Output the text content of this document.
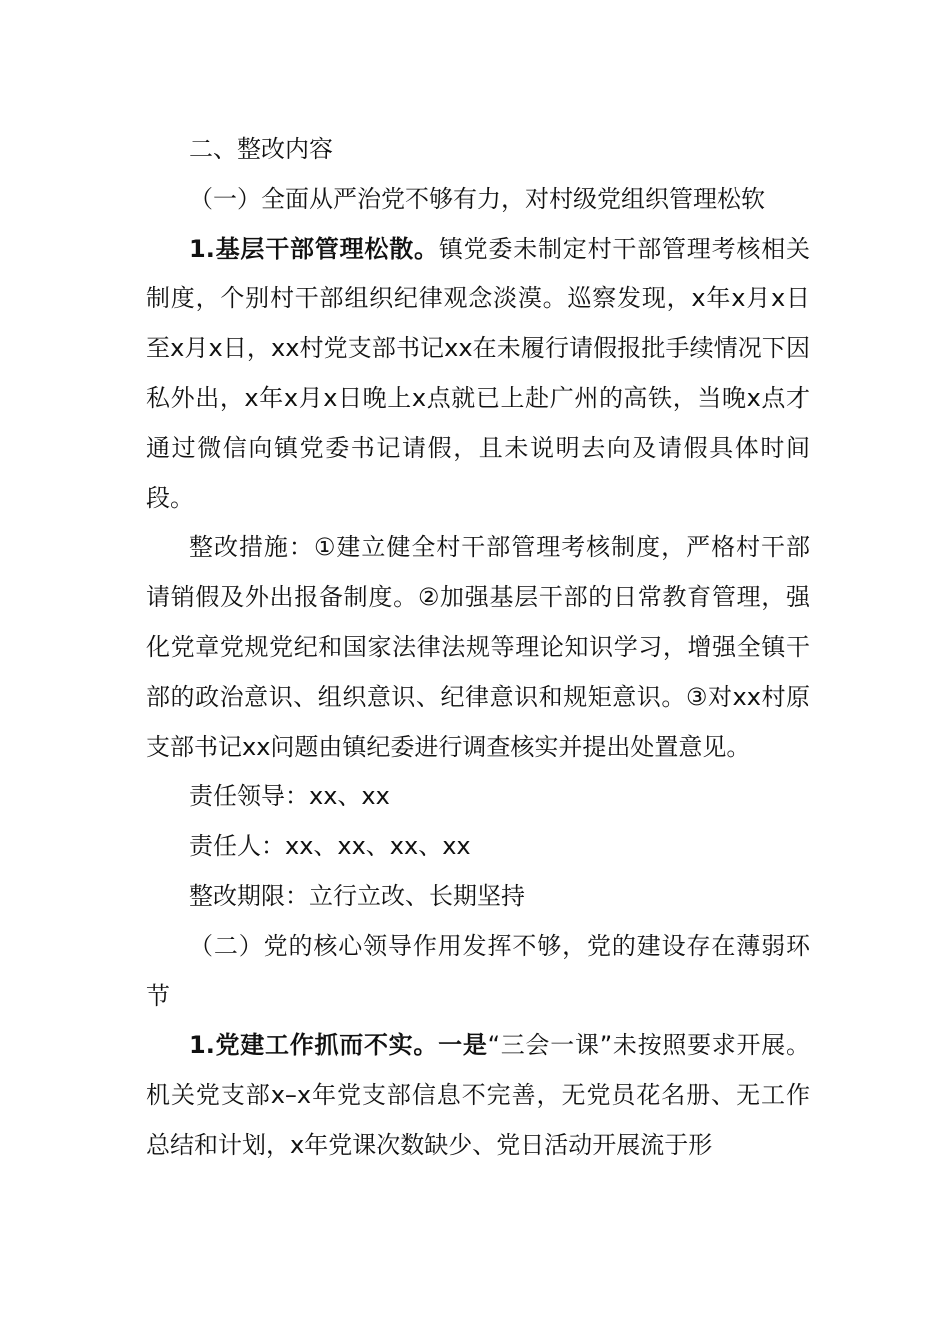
二、整改内容

（一）全面从严治党不够有力，对村级党组织管理松软

1.基层干部管理松散。镇党委未制定村干部管理考核相关制度，个别村干部组织纪律观念淡漠。巡察发现，x年x月x日至x月x日，xx村党支部书记xx在未履行请假报批手续情况下因私外出，x年x月x日晚上x点就已上赴广州的高铁，当晚x点才通过微信向镇党委书记请假，且未说明去向及请假具体时间段。

整改措施：①建立健全村干部管理考核制度，严格村干部请销假及外出报备制度。②加强基层干部的日常教育管理，强化党章党规党纪和国家法律法规等理论知识学习，增强全镇干部的政治意识、组织意识、纪律意识和规矩意识。③对xx村原支部书记xx问题由镇纪委进行调查核实并提出处置意见。

责任领导：xx、xx

责任人：xx、xx、xx、xx

整改期限：立行立改、长期坚持

（二）党的核心领导作用发挥不够，党的建设存在薄弱环节

1.党建工作抓而不实。一是“三会一课”未按照要求开展。机关党支部x–x年党支部信息不完善，无党员花名册、无工作总结和计划，x年党课次数缺少、党日活动开展流于形
